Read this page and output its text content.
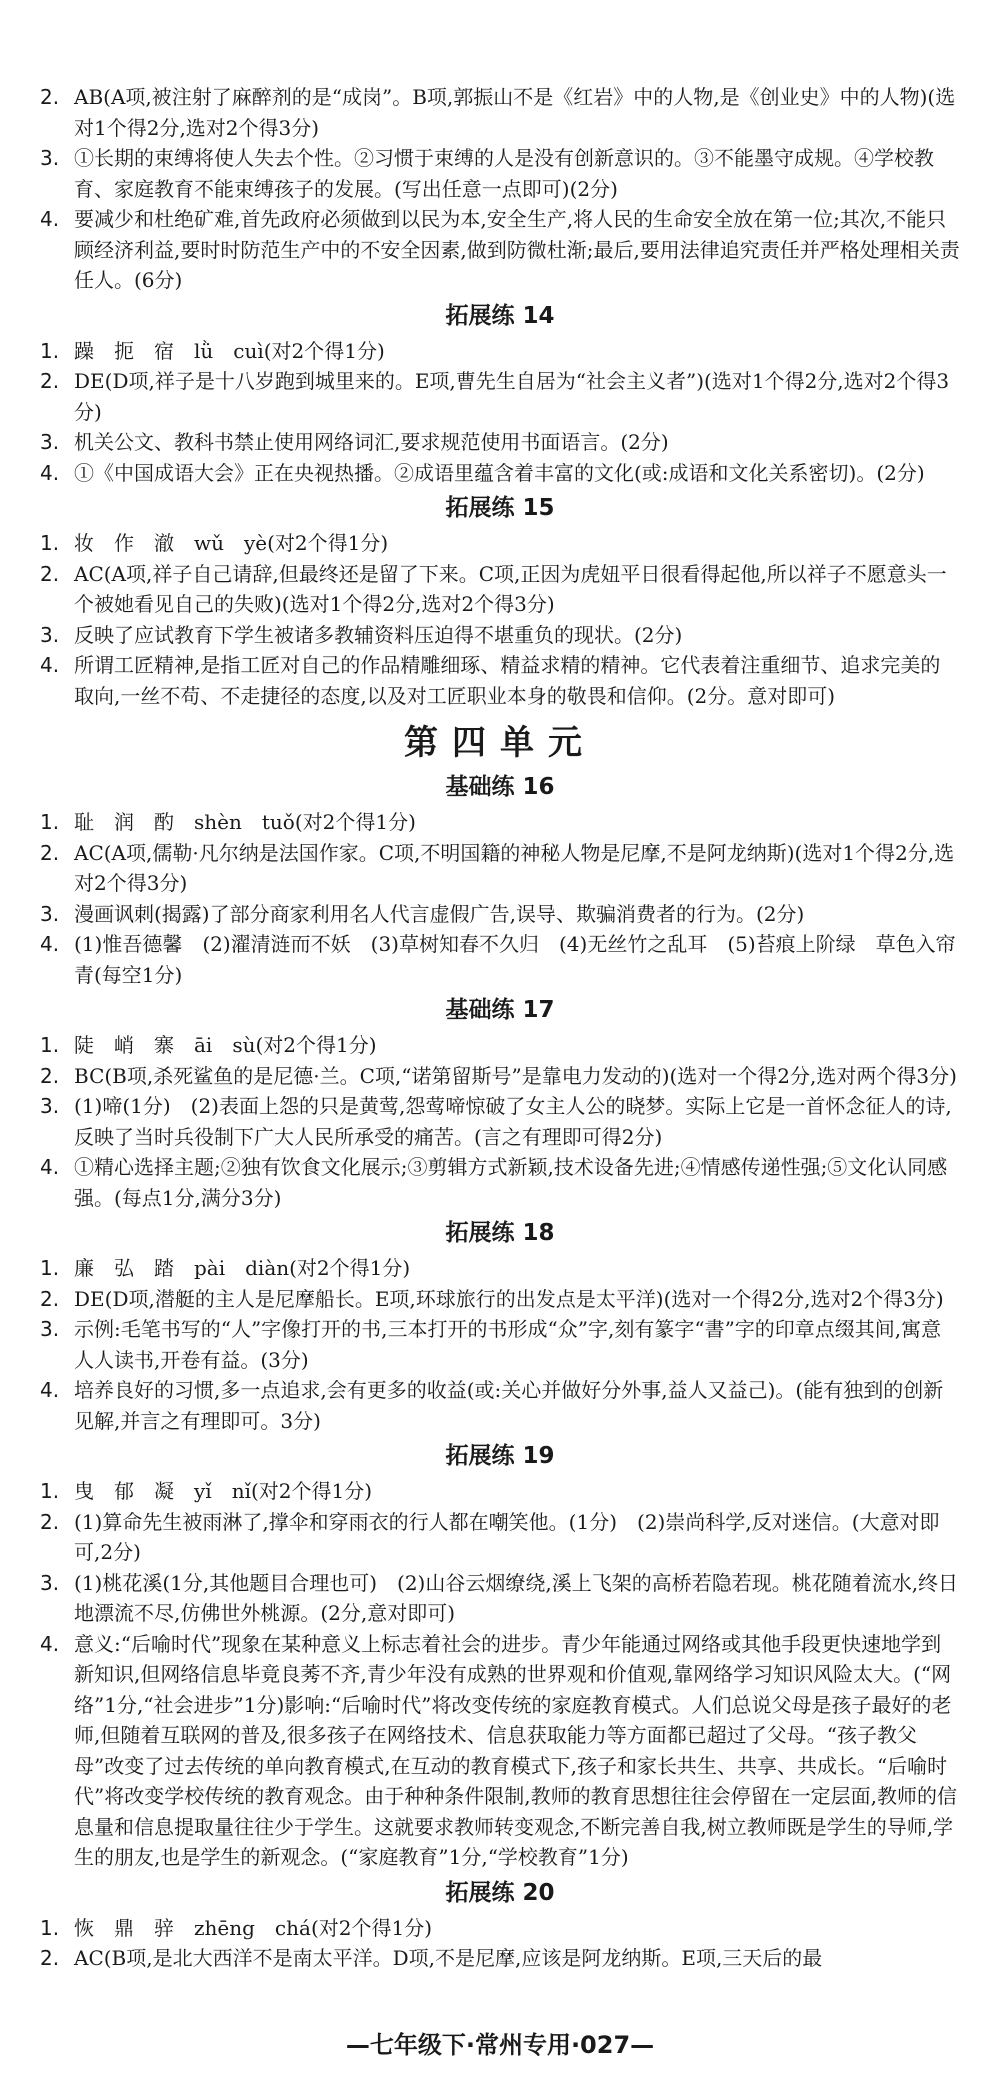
2. AB(A项,被注射了麻醉剂的是“成岗”。B项,郭振山不是《红岩》中的人物,是《创业史》中的人物)(选对1个得2分,选对2个得3分)

3. ①长期的束缚将使人失去个性。②习惯于束缚的人是没有创新意识的。③不能墨守成规。④学校教育、家庭教育不能束缚孩子的发展。(写出任意一点即可)(2分)

4. 要减少和杜绝矿难,首先政府必须做到以民为本,安全生产,将人民的生命安全放在第一位;其次,不能只顾经济利益,要时时防范生产中的不安全因素,做到防微杜渐;最后,要用法律追究责任并严格处理相关责任人。(6分)

拓展练 14

1. 躁　扼　宿　lǜ　cuì(对2个得1分)

2. DE(D项,祥子是十八岁跑到城里来的。E项,曹先生自居为“社会主义者”)(选对1个得2分,选对2个得3分)

3. 机关公文、教科书禁止使用网络词汇,要求规范使用书面语言。(2分)

4. ①《中国成语大会》正在央视热播。②成语里蕴含着丰富的文化(或:成语和文化关系密切)。(2分)

拓展练 15

1. 妆　作　澈　wǔ　yè(对2个得1分)

2. AC(A项,祥子自己请辞,但最终还是留了下来。C项,正因为虎妞平日很看得起他,所以祥子不愿意头一个被她看见自己的失败)(选对1个得2分,选对2个得3分)

3. 反映了应试教育下学生被诸多教辅资料压迫得不堪重负的现状。(2分)

4. 所谓工匠精神,是指工匠对自己的作品精雕细琢、精益求精的精神。它代表着注重细节、追求完美的取向,一丝不苟、不走捷径的态度,以及对工匠职业本身的敬畏和信仰。(2分。意对即可)

第四单元

基础练 16

1. 耻　润　酌　shèn　tuǒ(对2个得1分)

2. AC(A项,儒勒·凡尔纳是法国作家。C项,不明国籍的神秘人物是尼摩,不是阿龙纳斯)(选对1个得2分,选对2个得3分)

3. 漫画讽刺(揭露)了部分商家利用名人代言虚假广告,误导、欺骗消费者的行为。(2分)

4. (1)惟吾德馨　(2)濯清涟而不妖　(3)草树知春不久归　(4)无丝竹之乱耳　(5)苔痕上阶绿　草色入帘青(每空1分)

基础练 17

1. 陡　峭　寨　āi　sù(对2个得1分)

2. BC(B项,杀死鲨鱼的是尼德·兰。C项,“诺第留斯号”是靠电力发动的)(选对一个得2分,选对两个得3分)

3. (1)啼(1分)　(2)表面上怨的只是黄莺,怨莺啼惊破了女主人公的晓梦。实际上它是一首怀念征人的诗,反映了当时兵役制下广大人民所承受的痛苦。(言之有理即可得2分)

4. ①精心选择主题;②独有饮食文化展示;③剪辑方式新颖,技术设备先进;④情感传递性强;⑤文化认同感强。(每点1分,满分3分)

拓展练 18

1. 廉　弘　踏　pài　diàn(对2个得1分)

2. DE(D项,潜艇的主人是尼摩船长。E项,环球旅行的出发点是太平洋)(选对一个得2分,选对2个得3分)

3. 示例:毛笔书写的“人”字像打开的书,三本打开的书形成“众”字,刻有篆字“書”字的印章点缀其间,寓意人人读书,开卷有益。(3分)

4. 培养良好的习惯,多一点追求,会有更多的收益(或:关心并做好分外事,益人又益己)。(能有独到的创新见解,并言之有理即可。3分)

拓展练 19

1. 曳　郁　凝　yǐ　nǐ(对2个得1分)

2. (1)算命先生被雨淋了,撑伞和穿雨衣的行人都在嘲笑他。(1分)　(2)崇尚科学,反对迷信。(大意对即可,2分)

3. (1)桃花溪(1分,其他题目合理也可)　(2)山谷云烟缭绕,溪上飞架的高桥若隐若现。桃花随着流水,终日地漂流不尽,仿佛世外桃源。(2分,意对即可)

4. 意义:“后喻时代”现象在某种意义上标志着社会的进步。青少年能通过网络或其他手段更快速地学到新知识,但网络信息毕竟良莠不齐,青少年没有成熟的世界观和价值观,靠网络学习知识风险太大。(“网络”1分,“社会进步”1分)影响:“后喻时代”将改变传统的家庭教育模式。人们总说父母是孩子最好的老师,但随着互联网的普及,很多孩子在网络技术、信息获取能力等方面都已超过了父母。“孩子教父母”改变了过去传统的单向教育模式,在互动的教育模式下,孩子和家长共生、共享、共成长。“后喻时代”将改变学校传统的教育观念。由于种种条件限制,教师的教育思想往往会停留在一定层面,教师的信息量和信息提取量往往少于学生。这就要求教师转变观念,不断完善自我,树立教师既是学生的导师,学生的朋友,也是学生的新观念。(“家庭教育”1分,“学校教育”1分)

拓展练 20

1. 恢　鼎　骍　zhēng　chá(对2个得1分)

2. AC(B项,是北大西洋不是南太平洋。D项,不是尼摩,应该是阿龙纳斯。E项,三天后的最

—七年级下·常州专用·027—
